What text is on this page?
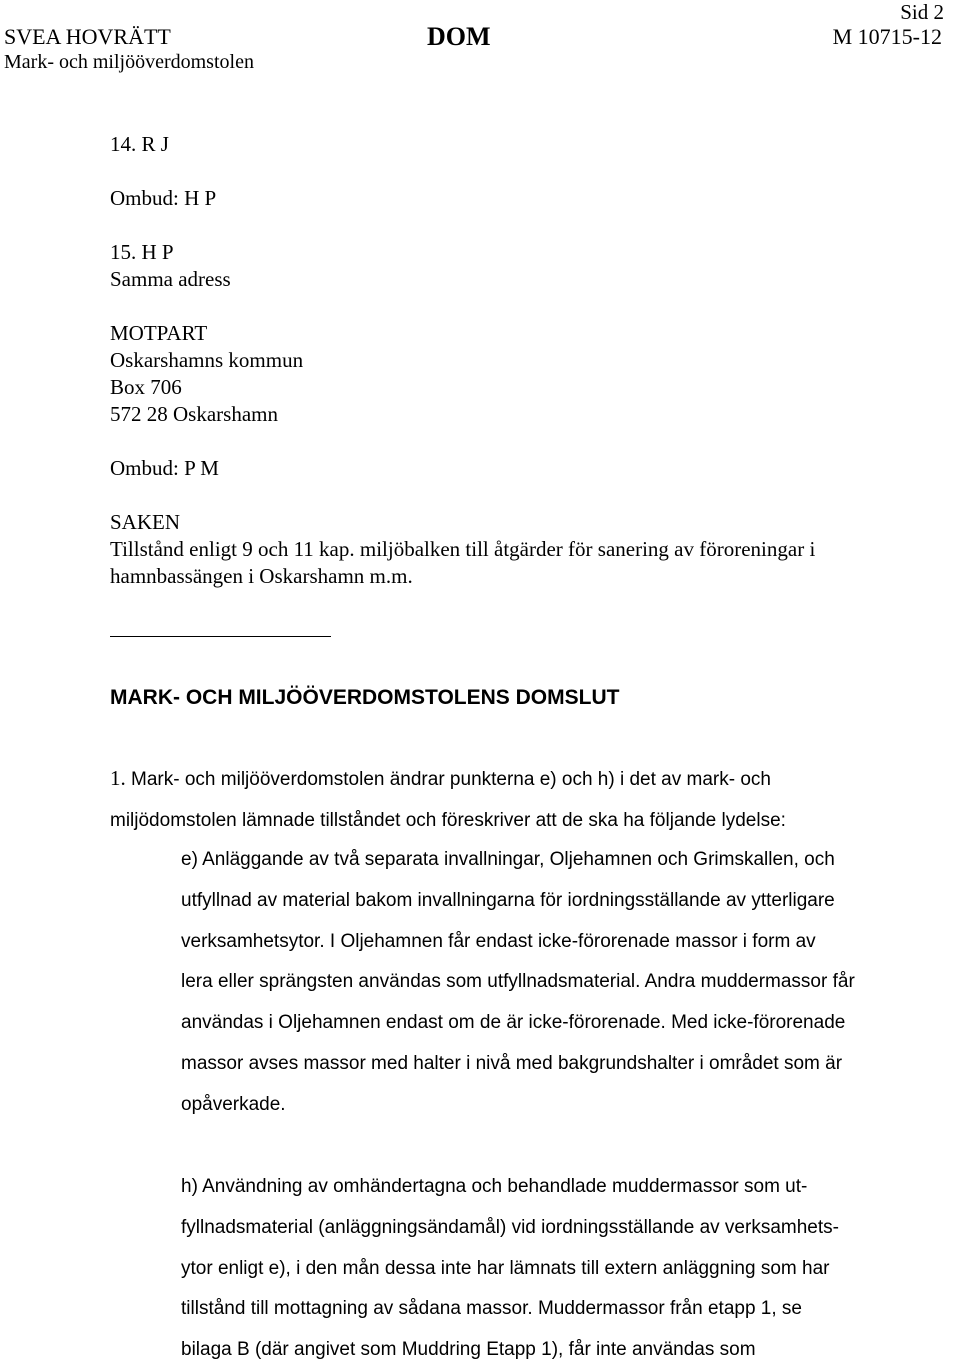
SVEA HOVRÄTT
Mark- och miljööverdomstolen
DOM
Sid 2
M 10715-12
14. R J
Ombud: H P
15. H P
Samma adress
MOTPART
Oskarshamns kommun
Box 706
572 28 Oskarshamn
Ombud: P M
SAKEN
Tillstånd enligt 9 och 11 kap. miljöbalken till åtgärder för sanering av föroreningar i
hamnbassängen i Oskarshamn m.m.
MARK- OCH MILJÖÖVERDOMSTOLENS DOMSLUT
1. Mark- och miljööverdomstolen ändrar punkterna e) och h) i det av mark- och
miljödomstolen lämnade tillståndet och föreskriver att de ska ha följande lydelse:
e) Anläggande av två separata invallningar, Oljehamnen och Grimskallen, och
utfyllnad av material bakom invallningarna för iordningsställande av ytterligare
verksamhetsytor. I Oljehamnen får endast icke-förorenade massor i form av
lera eller sprängsten användas som utfyllnadsmaterial. Andra muddermassor får
användas i Oljehamnen endast om de är icke-förorenade. Med icke-förorenade
massor avses massor med halter i nivå med bakgrundshalter i området som är
opåverkade.
h) Användning av omhändertagna och behandlade muddermassor som ut-
fyllnadsmaterial (anläggningsändamål) vid iordningsställande av verksamhets-
ytor enligt e), i den mån dessa inte har lämnats till extern anläggning som har
tillstånd till mottagning av sådana massor. Muddermassor från etapp 1, se
bilaga B (där angivet som Muddring Etapp 1), får inte användas som
